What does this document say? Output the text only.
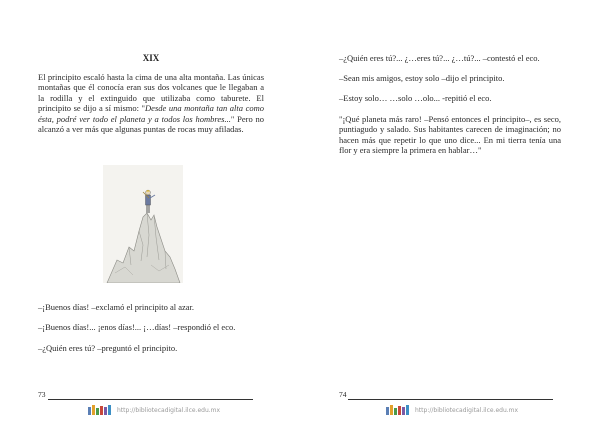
XIX
El principito escaló hasta la cima de una alta montaña. Las únicas montañas que él conocía eran sus dos volcanes que le llegaban a la rodilla y el extinguido que utilizaba como taburete. El principito se dijo a sí mismo: "Desde una montaña tan alta como ésta, podré ver todo el planeta y a todos los hombres..." Pero no alcanzó a ver más que algunas puntas de rocas muy afiladas.
–¡Buenos días! –exclamó el principito al azar.
–¡Buenos días!... ¡enos días!... ¡…días! –respondió el eco.
–¿Quién eres tú? –preguntó el principito.
73
http://bibliotecadigital.ilce.edu.mx
–¿Quién eres tú?... ¿…eres tú?... ¿…tú?... –contestó el eco.
–Sean mis amigos, estoy solo –dijo el principito.
–Estoy solo… …solo …olo... -repitió el eco.
"¡Qué planeta más raro! –Pensó entonces el principito–, es seco, puntiagudo y salado. Sus habitantes carecen de imaginación; no hacen más que repetir lo que uno dice... En mi tierra tenía una flor y era siempre la primera en hablar…"
74
http://bibliotecadigital.ilce.edu.mx
